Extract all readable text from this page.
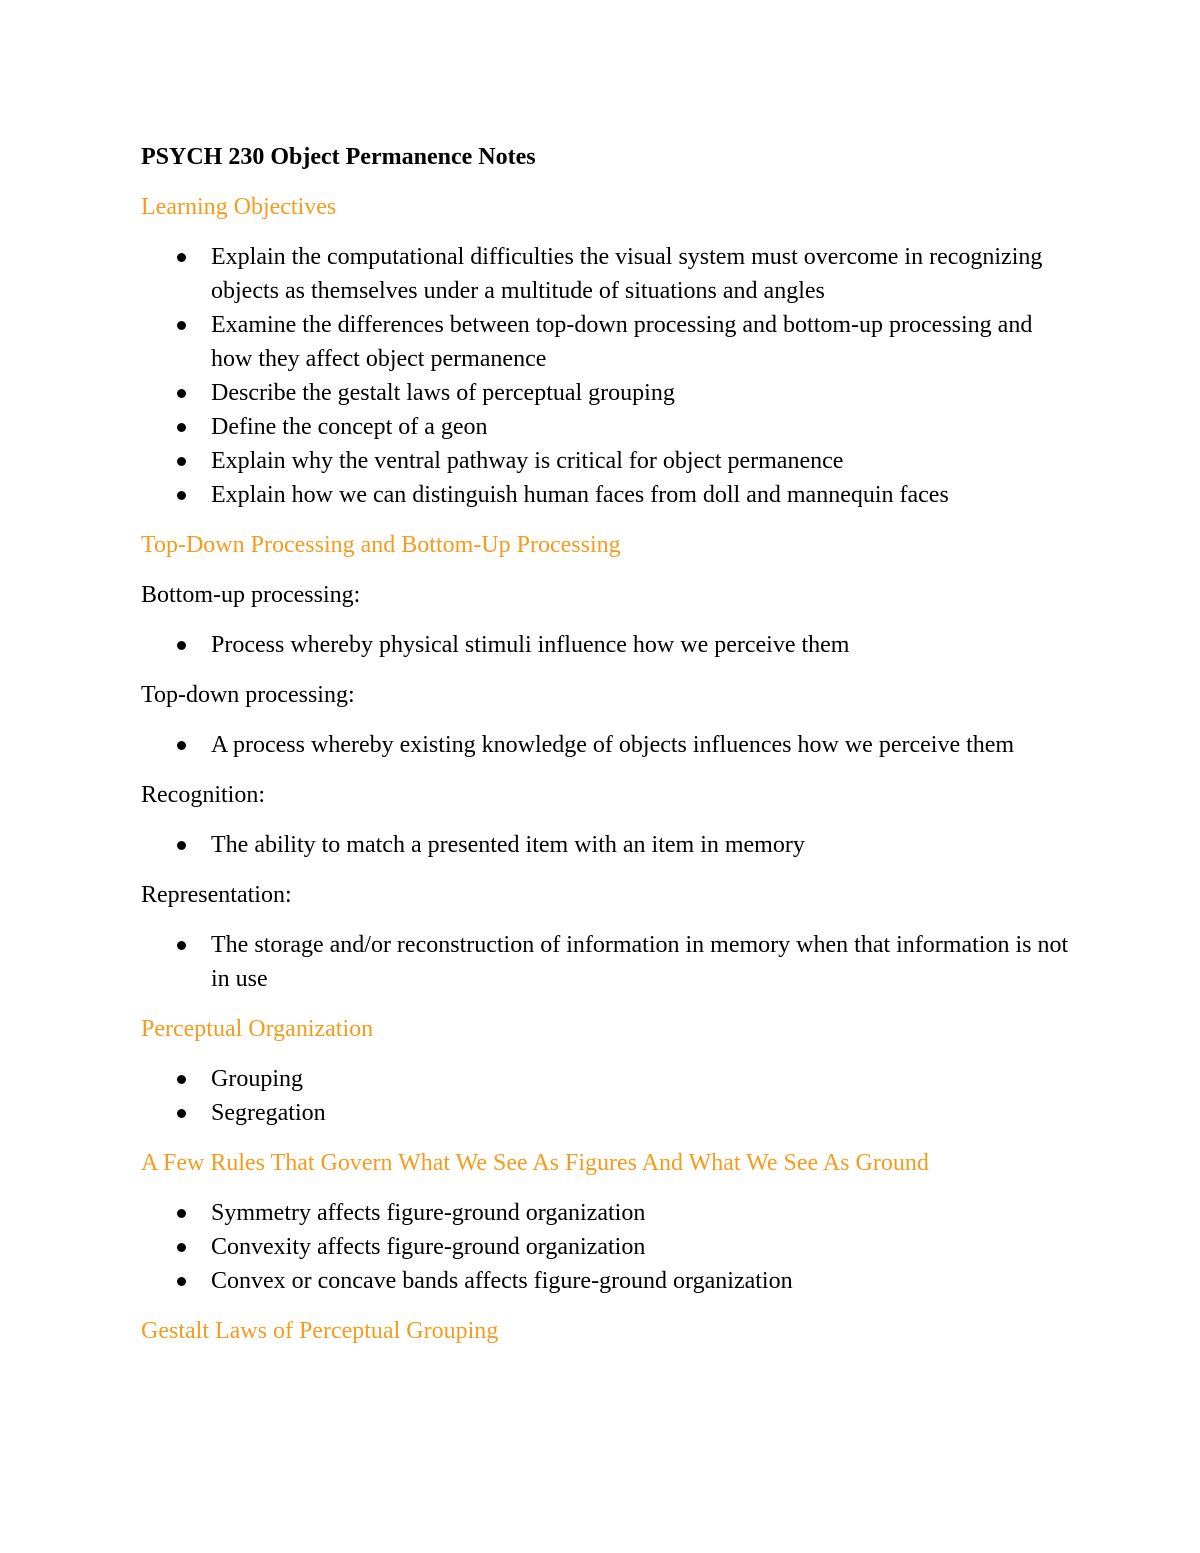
PSYCH 230 Object Permanence Notes
Learning Objectives
Explain the computational difficulties the visual system must overcome in recognizing objects as themselves under a multitude of situations and angles
Examine the differences between top-down processing and bottom-up processing and how they affect object permanence
Describe the gestalt laws of perceptual grouping
Define the concept of a geon
Explain why the ventral pathway is critical for object permanence
Explain how we can distinguish human faces from doll and mannequin faces
Top-Down Processing and Bottom-Up Processing
Bottom-up processing:
Process whereby physical stimuli influence how we perceive them
Top-down processing:
A process whereby existing knowledge of objects influences how we perceive them
Recognition:
The ability to match a presented item with an item in memory
Representation:
The storage and/or reconstruction of information in memory when that information is not in use
Perceptual Organization
Grouping
Segregation
A Few Rules That Govern What We See As Figures And What We See As Ground
Symmetry affects figure-ground organization
Convexity affects figure-ground organization
Convex or concave bands affects figure-ground organization
Gestalt Laws of Perceptual Grouping
